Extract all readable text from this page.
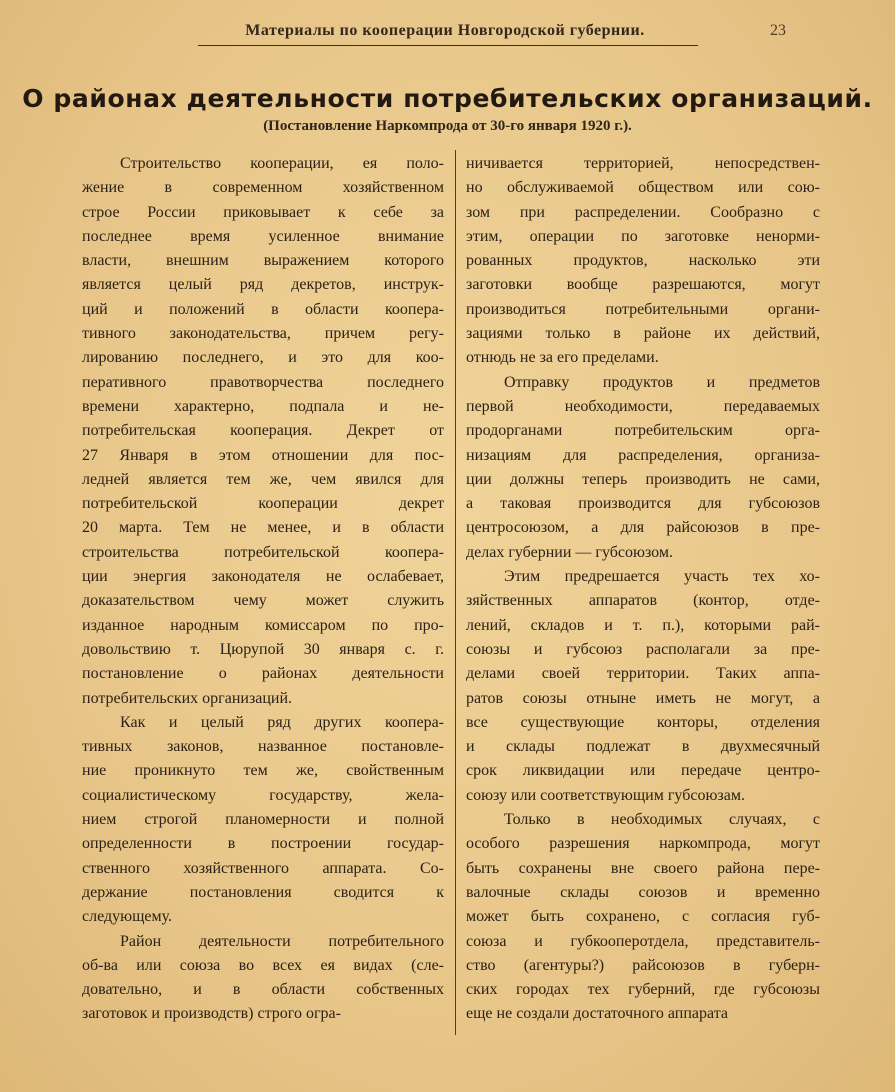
Материалы по кооперации Новгородской губернии.	23
О районах деятельности потребительских организаций.
(Постановление Наркомпрода от 30-го января 1920 г.).
Строительство кооперации, ея поло-
жение в современном хозяйственном
строе России приковывает к себе за
последнее время усиленное внимание
власти, внешним выражением которого
является целый ряд декретов, инструк-
ций и положений в области коопера-
тивного законодательства, причем регу-
лированию последнего, и это для коо-
перативного правотворчества последнего
времени характерно, подпала и не-
потребительская кооперация. Декрет от
27 Января в этом отношении для пос-
ледней является тем же, чем явился для
потребительской кооперации декрет
20 марта. Тем не менее, и в области
строительства потребительской коопера-
ции энергия законодателя не ослабевает,
доказательством чему может служить
изданное народным комиссаром по про-
довольствию т. Цюрупой 30 января с. г.
постановление о районах деятельности
потребительских организаций.
Как и целый ряд других кооперa-
тивных законов, названное постановле-
ние проникнуто тем же, свойственным
социалистическому государству, жела-
нием строгой планомерности и полной
определенности в построении государ-
ственного хозяйственного аппарата. Со-
держание постановления сводится к
следующему.
Район деятельности потребительного
об-ва или союза во всех ея видах (сле-
довательно, и в области собственных
заготовок и производств) строго огра-
ничивается территорией, непосредствен-
но обслуживаемой обществом или сою-
зом при распределении. Сообразно с
этим, операции по заготовке ненорми-
рованных продуктов, насколько эти
заготовки вообще разрешаются, могут
производиться потребительными органи-
зациями только в районе их действий,
отнюдь не за его пределами.
Отправку продуктов и предметов
первой необходимости, передаваемых
продорганами потребительским орга-
низациям для распределения, организа-
ции должны теперь производить не сами,
а таковая производится для губсоюзов
центросоюзом, а для райсоюзов в пре-
делах губернии — губсоюзом.
Этим предрешается участь тех хо-
зяйственных аппаратов (контор, отде-
лений, складов и т. п.), которыми рай-
союзы и губсоюз располагали за пре-
делами своей территории. Таких аппа-
ратов союзы отныне иметь не могут, а
все существующие конторы, отделения
и склады подлежат в двухмесячный
срок ликвидации или передаче центро-
союзу или соответствующим губсоюзам.
Только в необходимых случаях, с
особого разрешения наркомпрода, могут
быть сохранены вне своего района пере-
валочные склады союзов и временно
может быть сохранено, с согласия губ-
союза и губкооперотдела, представитель-
ство (агентуры?) райсоюзов в губерн-
ских городах тех губерний, где губсоюзы
еще не создали достаточного аппарата
